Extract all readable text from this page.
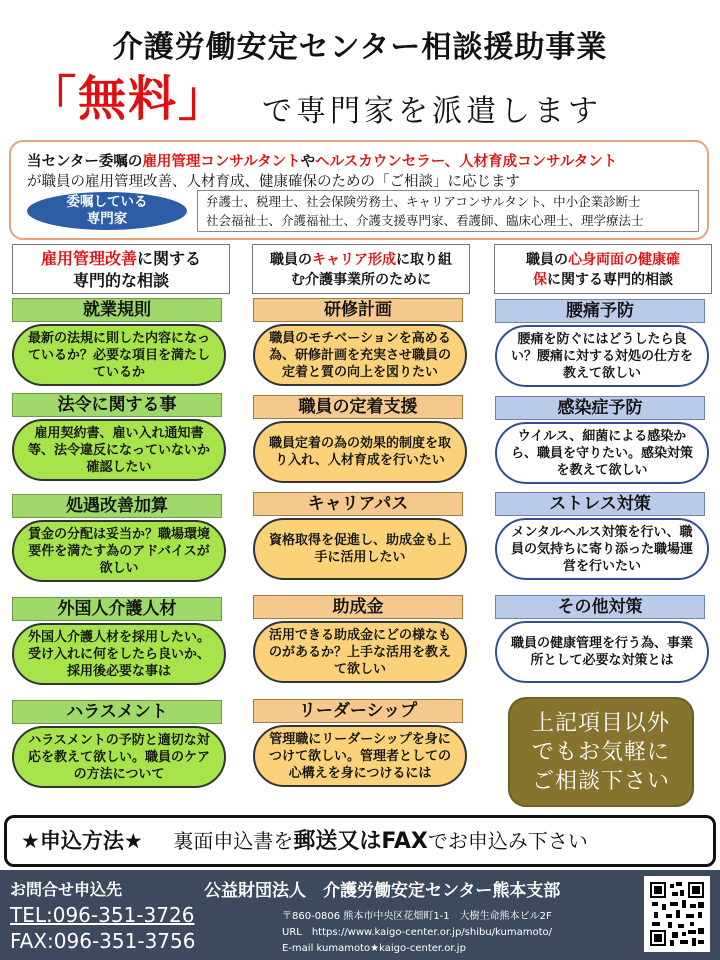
介護労働安定センター相談援助事業
「無料」 で専門家を派遣します
当センター委嘱の雇用管理コンサルタントやヘルスカウンセラー、人材育成コンサルタント
が職員の雇用管理改善、人材育成、健康確保のための「ご相談」に応じます
委嘱している
専門家
弁護士、税理士、社会保険労務士、キャリアコンサルタント、中小企業診断士
社会福祉士、介護福祉士、介護支援専門家、看護師、臨床心理士、理学療法士
雇用管理改善に関する
専門的な相談
職員のキャリア形成に取り組
む介護事業所のために
職員の心身両面の健康確
保に関する専門的相談
就業規則
最新の法規に則した内容になっているか？必要な項目を満たしているか
法令に関する事
雇用契約書、雇い入れ通知書等、法令違反になっていないか確認したい
処遇改善加算
賃金の分配は妥当か？職場環境要件を満たす為のアドバイスが欲しい
外国人介護人材
外国人介護人材を採用したい。受け入れに何をしたら良いか、採用後必要な事は
ハラスメント
ハラスメントの予防と適切な対応を教えて欲しい。職員のケアの方法について
研修計画
職員のモチベーションを高める為、研修計画を充実させ職員の定着と質の向上を図りたい
職員の定着支援
職員定着の為の効果的制度を取り入れ、人材育成を行いたい
キャリアパス
資格取得を促進し、助成金も上手に活用したい
助成金
活用できる助成金にどの様なものがあるか？上手な活用を教えて欲しい
リーダーシップ
管理職にリーダーシップを身につけて欲しい。管理者としての心構えを身につけるには
腰痛予防
腰痛を防ぐにはどうしたら良い？腰痛に対する対処の仕方を教えて欲しい
感染症予防
ウイルス、細菌による感染から、職員を守りたい。感染対策を教えて欲しい
ストレス対策
メンタルヘルス対策を行い、職員の気持ちに寄り添った職場運営を行いたい
その他対策
職員の健康管理を行う為、事業所として必要な対策とは
上記項目以外
でもお気軽に
ご相談下さい
★申込方法★ 裏面申込書を郵送又はFAXでお申込み下さい
お問合せ申込先	公益財団法人　介護労働安定センター熊本支部
TEL:096-351-3726
FAX:096-351-3756
〒860-0806 熊本市中央区花畑町1-1　大樹生命熊本ビル2F
URL　https://www.kaigo-center.or.jp/shibu/kumamoto/
E-mail kumamoto★kaigo-center.or.jp
